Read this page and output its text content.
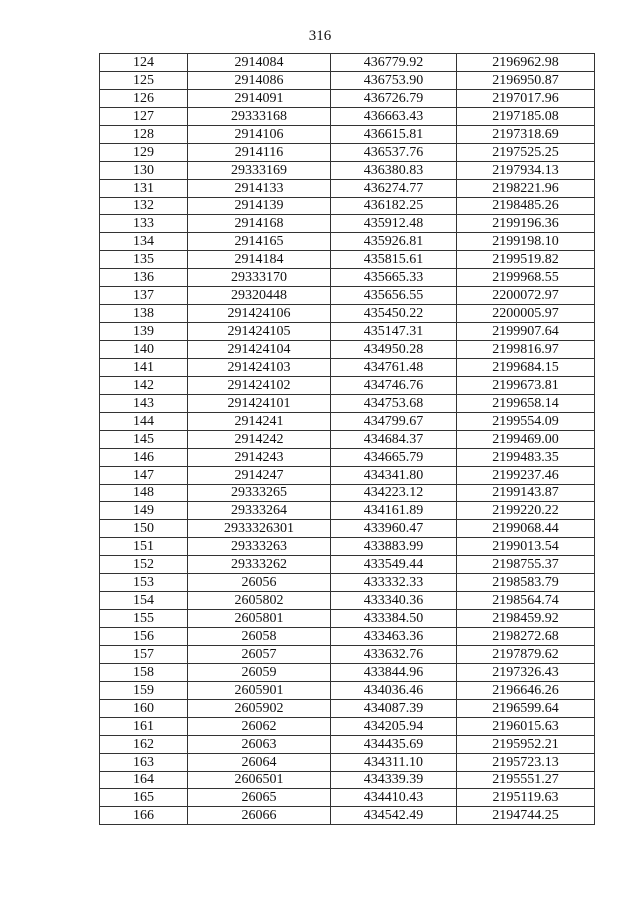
316
124	2914084	436779.92	2196962.98
125	2914086	436753.90	2196950.87
126	2914091	436726.79	2197017.96
127	29333168	436663.43	2197185.08
128	2914106	436615.81	2197318.69
129	2914116	436537.76	2197525.25
130	29333169	436380.83	2197934.13
131	2914133	436274.77	2198221.96
132	2914139	436182.25	2198485.26
133	2914168	435912.48	2199196.36
134	2914165	435926.81	2199198.10
135	2914184	435815.61	2199519.82
136	29333170	435665.33	2199968.55
137	29320448	435656.55	2200072.97
138	291424106	435450.22	2200005.97
139	291424105	435147.31	2199907.64
140	291424104	434950.28	2199816.97
141	291424103	434761.48	2199684.15
142	291424102	434746.76	2199673.81
143	291424101	434753.68	2199658.14
144	2914241	434799.67	2199554.09
145	2914242	434684.37	2199469.00
146	2914243	434665.79	2199483.35
147	2914247	434341.80	2199237.46
148	29333265	434223.12	2199143.87
149	29333264	434161.89	2199220.22
150	2933326301	433960.47	2199068.44
151	29333263	433883.99	2199013.54
152	29333262	433549.44	2198755.37
153	26056	433332.33	2198583.79
154	2605802	433340.36	2198564.74
155	2605801	433384.50	2198459.92
156	26058	433463.36	2198272.68
157	26057	433632.76	2197879.62
158	26059	433844.96	2197326.43
159	2605901	434036.46	2196646.26
160	2605902	434087.39	2196599.64
161	26062	434205.94	2196015.63
162	26063	434435.69	2195952.21
163	26064	434311.10	2195723.13
164	2606501	434339.39	2195551.27
165	26065	434410.43	2195119.63
166	26066	434542.49	2194744.25
